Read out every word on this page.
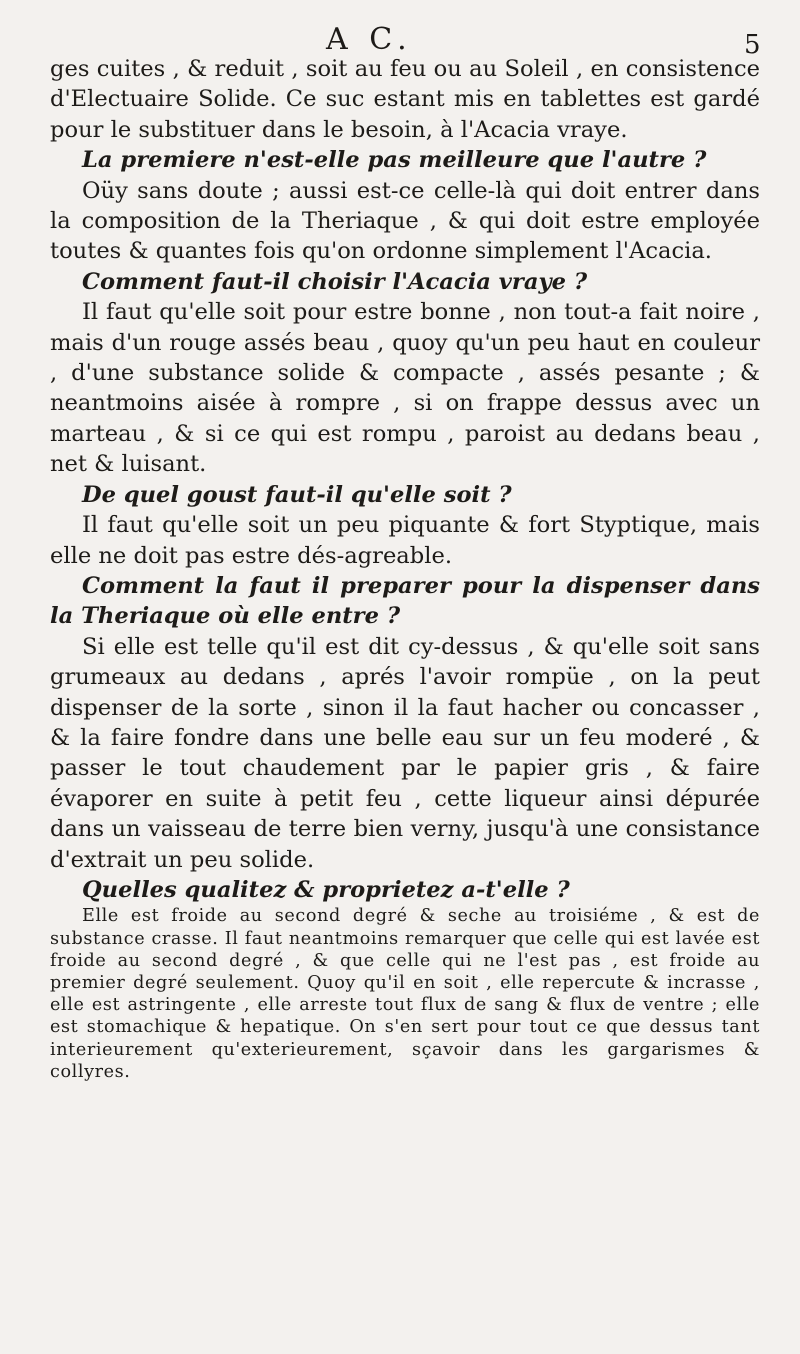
A C.	5

ges cuites , & reduit , soit au feu ou au Soleil , en consistence d'Electuaire Solide. Ce suc estant mis en tablettes est gardé pour le substituer dans le besoin, à l'Acacia vraye.

La premiere n'est-elle pas meilleure que l'autre ?

Oüy sans doute ; aussi est-ce celle-là qui doit entrer dans la composition de la Theriaque , & qui doit estre employée toutes & quantes fois qu'on ordonne simplement l'Acacia.

Comment faut-il choisir l'Acacia vraye ?

Il faut qu'elle soit pour estre bonne , non tout-a fait noire , mais d'un rouge assés beau , quoy qu'un peu haut en couleur , d'une substance solide & compacte , assés pesante ; & neantmoins aisée à rompre , si on frappe dessus avec un marteau , & si ce qui est rompu , paroist au dedans beau , net & luisant.

De quel goust faut-il qu'elle soit ?

Il faut qu'elle soit un peu piquante & fort Styptique, mais elle ne doit pas estre dés-agreable.

Comment la faut il preparer pour la dispenser dans la Theriaque où elle entre ?

Si elle est telle qu'il est dit cy-dessus , & qu'elle soit sans grumeaux au dedans , aprés l'avoir rompüe , on la peut dispenser de la sorte , sinon il la faut hacher ou concasser , & la faire fondre dans une belle eau sur un feu moderé , & passer le tout chaudement par le papier gris , & faire évaporer en suite à petit feu , cette liqueur ainsi dépurée dans un vaisseau de terre bien verny, jusqu'à une consistance d'extrait un peu solide.

Quelles qualitez & proprietez a-t'elle ?

Elle est froide au second degré & seche au troisiéme , & est de substance crasse. Il faut neantmoins remarquer que celle qui est lavée est froide au second degré , & que celle qui ne l'est pas , est froide au premier degré seulement. Quoy qu'il en soit , elle repercute & incrasse , elle est astringente , elle arreste tout flux de sang & flux de ventre ; elle est stomachique & hepatique. On s'en sert pour tout ce que dessus tant interieurement qu'exterieurement, sçavoir dans les gargarismes & collyres.
